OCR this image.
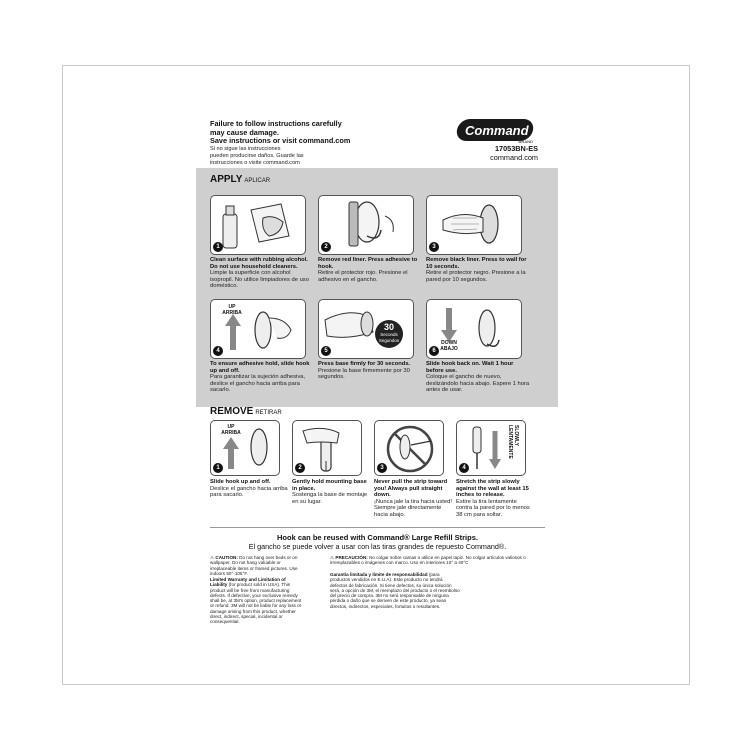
Failure to follow instructions carefully
may cause damage.
Save instructions or visit command.com
Si no sigue las instrucciones
pueden producirse daños. Guarde las
instrucciones o visite command.com
Command
BRAND
17053BN-ES
command.com
APPLY APLICAR
1	2	3
Clean surface with rubbing alcohol. Do not use household cleaners.
Limpie la superficie con alcohol isopropil. No utilice limpiadores de uso doméstico.
Remove red liner. Press adhesive to hook.
Retire el protector rojo. Presione el adhesivo en el gancho.
Remove black liner. Press to wall for 10 seconds.
Retire el protector negro. Presione a la pared por 10 segundos.
UP
ARRIBA
4
30
Seconds
Segundos
5
DOWN
ABAJO
6
To ensure adhesive hold, slide hook up and off.
Para garantizar la sujeción adhesiva, deslice el gancho hacia arriba para sacarlo.
Press base firmly for 30 seconds.
Presione la base firmemente por 30 segundos.
Slide hook back on. Wait 1 hour before use.
Coloque el gancho de nuevo, deslizándolo hacia abajo. Espere 1 hora antes de usar.
REMOVE RETIRAR
UP
ARRIBA
1	2	3
SLOWLY
LENTAMENTE
4
Slide hook up and off.
Deslice el gancho hacia arriba para sacarlo.
Gently hold mounting base in place.
Sostenga la base de montaje en su lugar.
Never pull the strip toward you! Always pull straight down.
¡Nunca jale la tira hacia usted! Siempre jale directamente hacia abajo.
Stretch the strip slowly against the wall at least 15 inches to release.
Estire la tira lentamente contra la pared por lo menos 38 cm para soltar.
Hook can be reused with Command® Large Refill Strips.
El gancho se puede volver a usar con las tiras grandes de repuesto Command®.
⚠ CAUTION: Do not hang over beds or on wallpaper. Do not hang valuable or irreplaceable items or framed pictures. Use indoors 50°-105°F.
Limited Warranty and Limitation of Liability (for product sold in USA). This product will be free from manufacturing defects. If defective, your exclusive remedy shall be, at 3M's option, product replacement or refund. 3M will not be liable for any loss or damage arising from this product, whether direct, indirect, special, incidental or consequential.
⚠ PRECAUCIÓN: No colgar sobre camas o utilice en papel tapiz. No colgar artículos valiosos o irremplazables o imágenes con marco. Uso en interiores 10° a 40°C
Garantía limitada y límite de responsabilidad (para productos vendidos en E.U.A). Este producto no tendrá defectos de fabricación. Si tiene defectos, su única solución será, a opción de 3M, el reemplazo del producto o el reembolso del precio de compra. 3M no será responsable de ninguna pérdida o daño que se deriven de este producto, ya sean directos, indirectos, especiales, fortuitos o resultantes.
